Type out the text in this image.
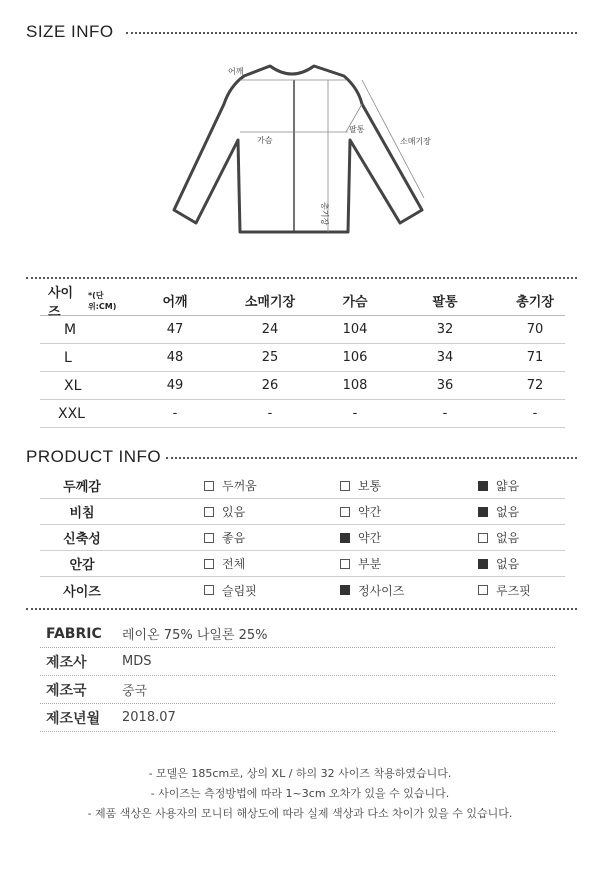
SIZE INFO
어깨
가슴
팔통
소매기장
총기장
사이즈
*(단위:CM)	어깨	소매기장	가슴	팔통	총기장
M	47	24	104	32	70
L	48	25	106	34	71
XL	49	26	108	36	72
XXL	-	-	-	-	-
PRODUCT INFO
두께감	두꺼움	보통	얇음
비침	있음	약간	없음
신축성	좋음	약간	없음
안감	전체	부분	없음
사이즈	슬림핏	정사이즈	루즈핏
FABRIC	레이온 75% 나일론 25%
제조사	MDS
제조국	중국
제조년월	2018.07
- 모델은 185cm로, 상의 XL / 하의 32 사이즈 착용하였습니다.
- 사이즈는 측정방법에 따라 1~3cm 오차가 있을 수 있습니다.
- 제품 색상은 사용자의 모니터 해상도에 따라 실제 색상과 다소 차이가 있을 수 있습니다.
